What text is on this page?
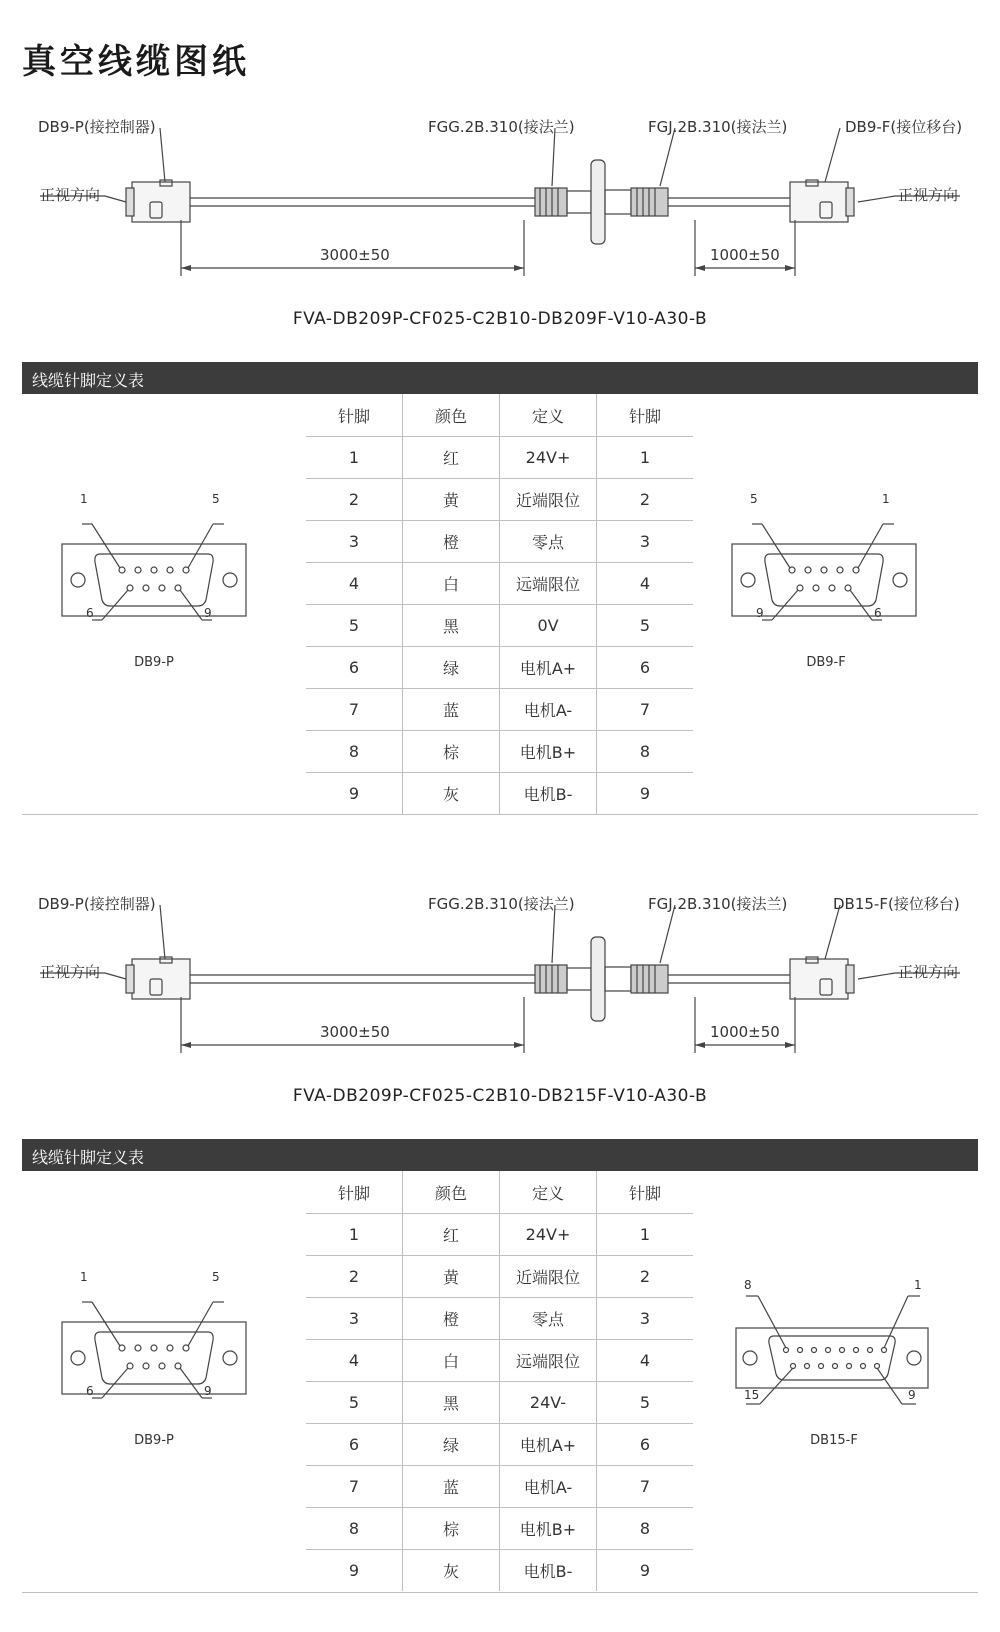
真空线缆图纸
DB9-P(接控制器)	FGG.2B.310(接法兰)	FGJ.2B.310(接法兰)	DB9-F(接位移台)
正视方向	正视方向
3000±50	1000±50
FVA-DB209P-CF025-C2B10-DB209F-V10-A30-B
线缆针脚定义表
针脚	颜色	定义	针脚
1	红	24V+	1
2	黄	近端限位	2
3	橙	零点	3
4	白	远端限位	4
5	黑	0V	5
6	绿	电机A+	6
7	蓝	电机A-	7
8	棕	电机B+	8
9	灰	电机B-	9
1	5
6	9
DB9-P
5	1
9	6
DB9-F
DB9-P(接控制器)	FGG.2B.310(接法兰)	FGJ.2B.310(接法兰)	DB15-F(接位移台)
正视方向	正视方向
3000±50	1000±50
FVA-DB209P-CF025-C2B10-DB215F-V10-A30-B
线缆针脚定义表
针脚	颜色	定义	针脚
1	红	24V+	1
2	黄	近端限位	2
3	橙	零点	3
4	白	远端限位	4
5	黑	24V-	5
6	绿	电机A+	6
7	蓝	电机A-	7
8	棕	电机B+	8
9	灰	电机B-	9
1	5
6	9
DB9-P
8	1
15	9
DB15-F
